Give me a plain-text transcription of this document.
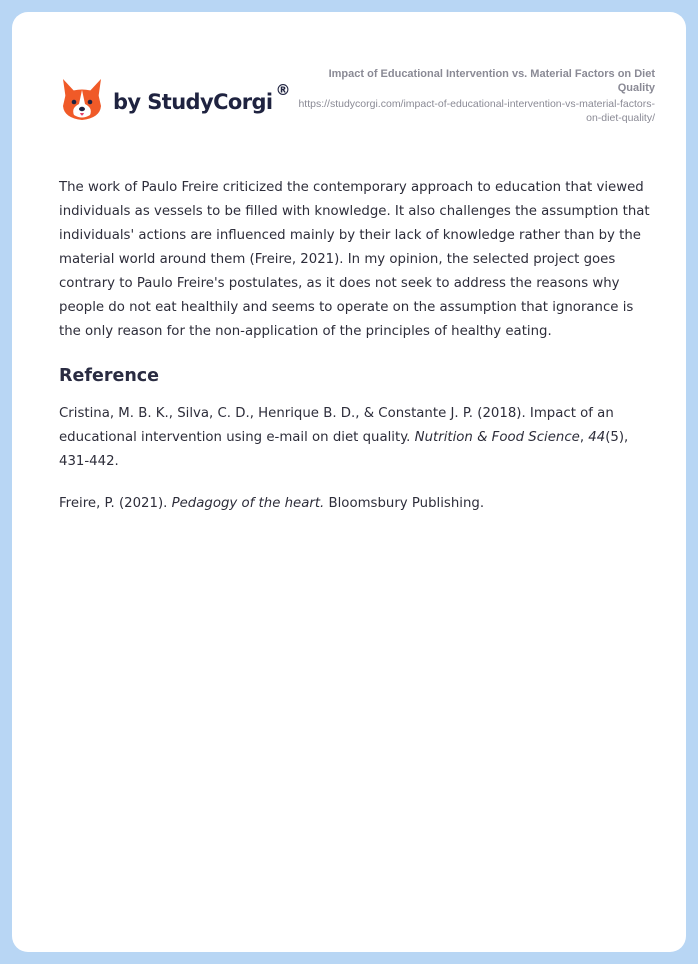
by StudyCorgi ®
Impact of Educational Intervention vs. Material Factors on Diet Quality
https://studycorgi.com/impact-of-educational-intervention-vs-material-factors-on-diet-quality/

The work of Paulo Freire criticized the contemporary approach to education that viewed individuals as vessels to be filled with knowledge. It also challenges the assumption that individuals' actions are influenced mainly by their lack of knowledge rather than by the material world around them (Freire, 2021). In my opinion, the selected project goes contrary to Paulo Freire's postulates, as it does not seek to address the reasons why people do not eat healthily and seems to operate on the assumption that ignorance is the only reason for the non-application of the principles of healthy eating.

Reference

Cristina, M. B. K., Silva, C. D., Henrique B. D., & Constante J. P. (2018). Impact of an educational intervention using e-mail on diet quality. Nutrition & Food Science, 44(5), 431-442.

Freire, P. (2021). Pedagogy of the heart. Bloomsbury Publishing.
